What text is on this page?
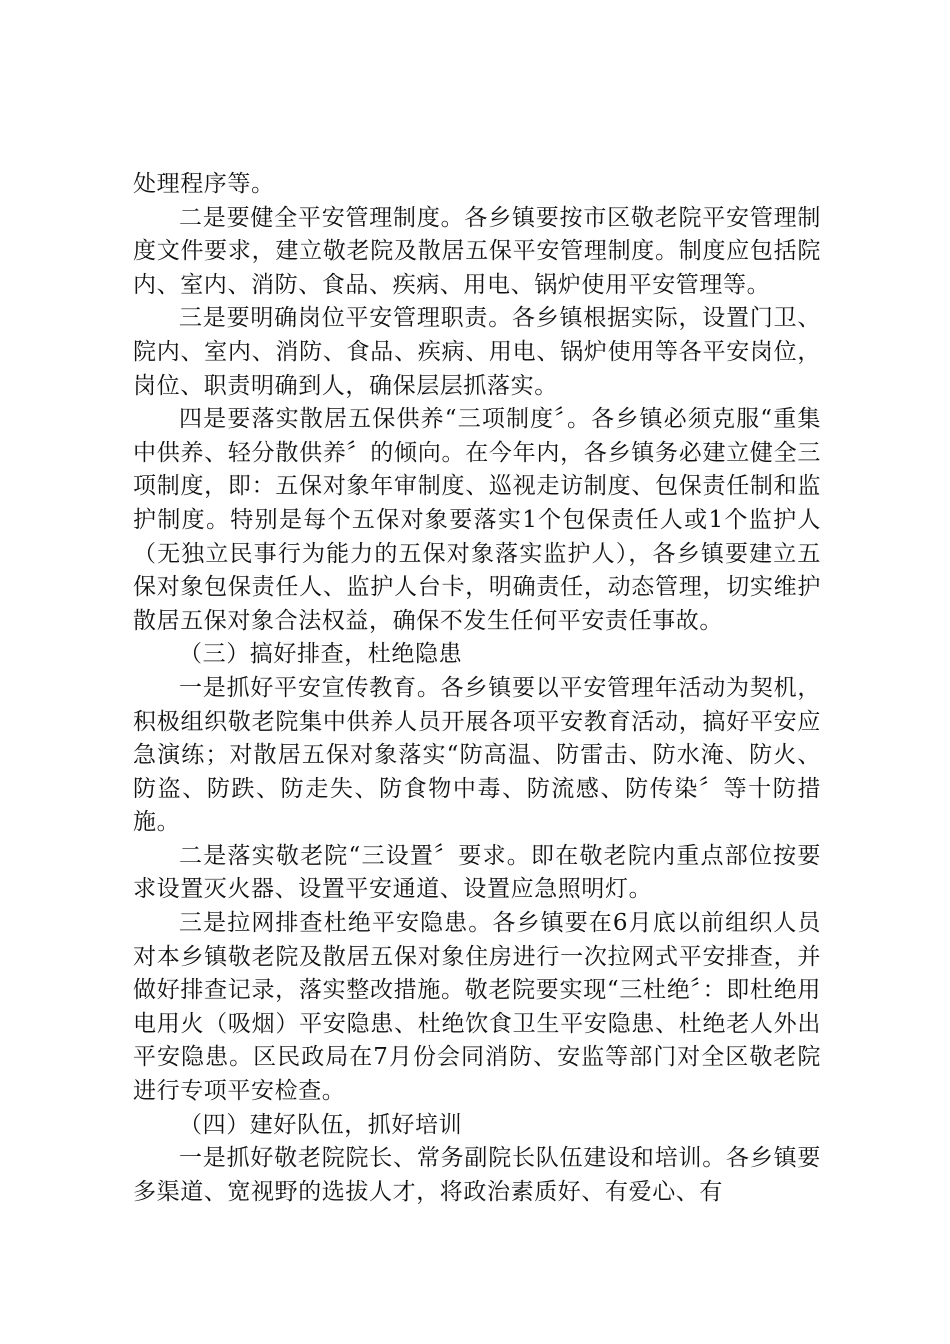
处理程序等。

二是要健全平安管理制度。各乡镇要按市区敬老院平安管理制度文件要求，建立敬老院及散居五保平安管理制度。制度应包括院内、室内、消防、食品、疾病、用电、锅炉使用平安管理等。

三是要明确岗位平安管理职责。各乡镇根据实际，设置门卫、院内、室内、消防、食品、疾病、用电、锅炉使用等各平安岗位，岗位、职责明确到人，确保层层抓落实。

四是要落实散居五保供养“三项制度〞。各乡镇必须克服“重集中供养、轻分散供养〞的倾向。在今年内，各乡镇务必建立健全三项制度，即：五保对象年审制度、巡视走访制度、包保责任制和监护制度。特别是每个五保对象要落实1个包保责任人或1个监护人（无独立民事行为能力的五保对象落实监护人），各乡镇要建立五保对象包保责任人、监护人台卡，明确责任，动态管理，切实维护散居五保对象合法权益，确保不发生任何平安责任事故。

（三）搞好排查，杜绝隐患

一是抓好平安宣传教育。各乡镇要以平安管理年活动为契机，积极组织敬老院集中供养人员开展各项平安教育活动，搞好平安应急演练；对散居五保对象落实“防高温、防雷击、防水淹、防火、防盗、防跌、防走失、防食物中毒、防流感、防传染〞等十防措施。

二是落实敬老院“三设置〞要求。即在敬老院内重点部位按要求设置灭火器、设置平安通道、设置应急照明灯。

三是拉网排查杜绝平安隐患。各乡镇要在6月底以前组织人员对本乡镇敬老院及散居五保对象住房进行一次拉网式平安排查，并做好排查记录，落实整改措施。敬老院要实现“三杜绝〞：即杜绝用电用火（吸烟）平安隐患、杜绝饮食卫生平安隐患、杜绝老人外出平安隐患。区民政局在7月份会同消防、安监等部门对全区敬老院进行专项平安检查。

（四）建好队伍，抓好培训

一是抓好敬老院院长、常务副院长队伍建设和培训。各乡镇要多渠道、宽视野的选拔人才，将政治素质好、有爱心、有
